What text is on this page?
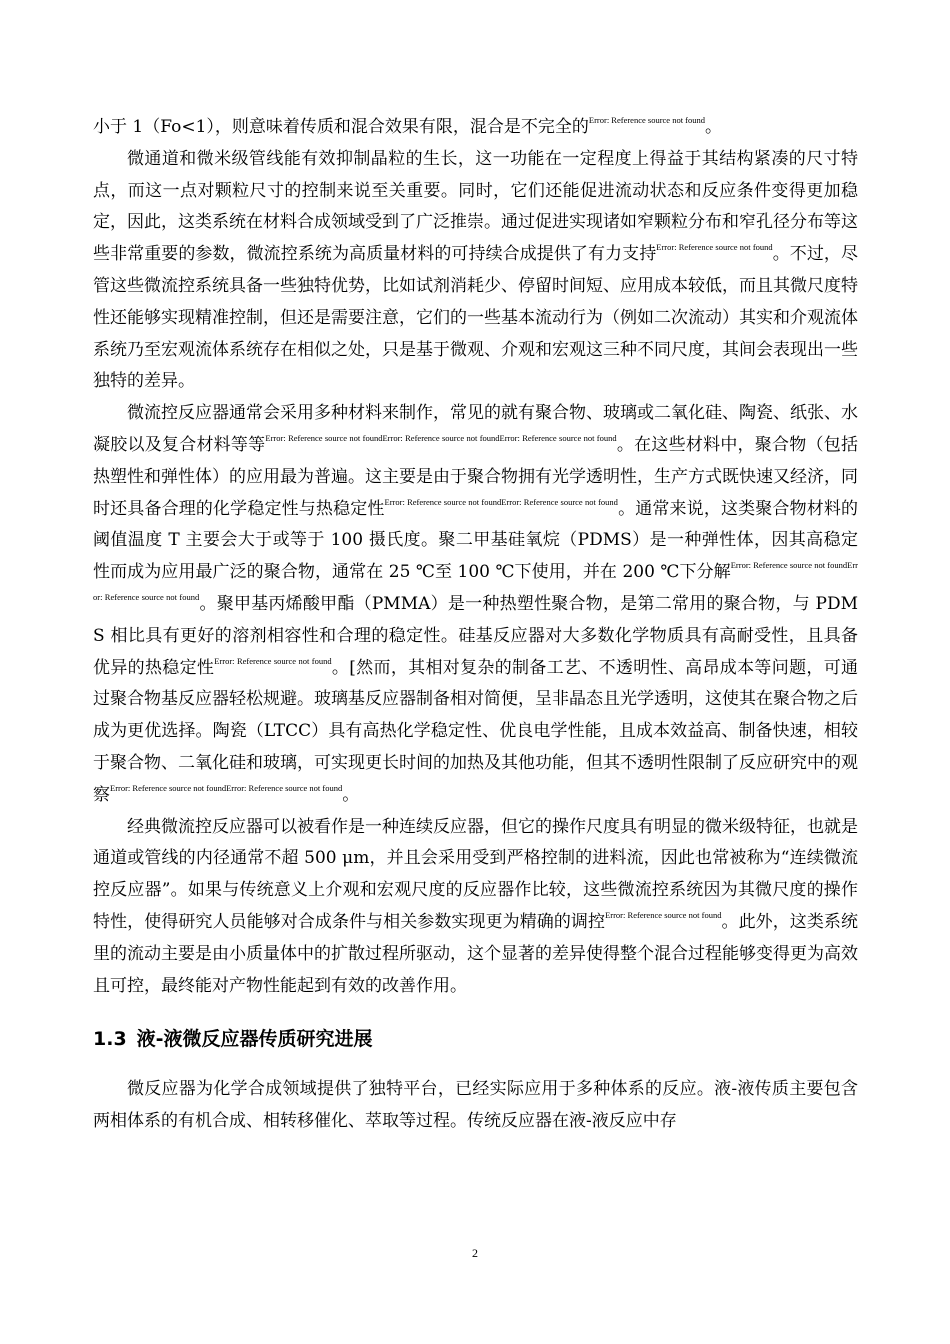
小于 1（Fo<1），则意味着传质和混合效果有限，混合是不完全的$^{Error: Reference source not found}$。

微通道和微米级管线能有效抑制晶粒的生长，这一功能在一定程度上得益于其结构紧凑的尺寸特点，而这一点对颗粒尺寸的控制来说至关重要。同时，它们还能促进流动状态和反应条件变得更加稳定，因此，这类系统在材料合成领域受到了广泛推崇。通过促进实现诸如窄颗粒分布和窄孔径分布等这些非常重要的参数，微流控系统为高质量材料的可持续合成提供了有力支持$^{Error: Reference source not found}$。不过，尽管这些微流控系统具备一些独特优势，比如试剂消耗少、停留时间短、应用成本较低，而且其微尺度特性还能够实现精准控制，但还是需要注意，它们的一些基本流动行为（例如二次流动）其实和介观流体系统乃至宏观流体系统存在相似之处，只是基于微观、介观和宏观这三种不同尺度，其间会表现出一些独特的差异。

微流控反应器通常会采用多种材料来制作，常见的就有聚合物、玻璃或二氧化硅、陶瓷、纸张、水凝胶以及复合材料等等$^{Error: Reference source not foundError: Reference source not foundError: Reference source not found}$。在这些材料中，聚合物（包括热塑性和弹性体）的应用最为普遍。这主要是由于聚合物拥有光学透明性，生产方式既快速又经济，同时还具备合理的化学稳定性与热稳定性$^{Error: Reference source not foundError: Reference source not found}$。通常来说，这类聚合物材料的阈值温度 T 主要会大于或等于 100 摄氏度。聚二甲基硅氧烷（PDMS）是一种弹性体，因其高稳定性而成为应用最广泛的聚合物，通常在 25 ℃至 100 ℃下使用，并在 200 ℃下分解$^{Error: Reference source not foundError: Reference source not found}$。聚甲基丙烯酸甲酯（PMMA）是一种热塑性聚合物，是第二常用的聚合物，与 PDMS 相比具有更好的溶剂相容性和合理的稳定性。硅基反应器对大多数化学物质具有高耐受性，且具备优异的热稳定性$^{Error: Reference source not found}$。[然而，其相对复杂的制备工艺、不透明性、高昂成本等问题，可通过聚合物基反应器轻松规避。玻璃基反应器制备相对简便，呈非晶态且光学透明，这使其在聚合物之后成为更优选择。陶瓷（LTCC）具有高热化学稳定性、优良电学性能，且成本效益高、制备快速，相较于聚合物、二氧化硅和玻璃，可实现更长时间的加热及其他功能，但其不透明性限制了反应研究中的观察$^{Error: Reference source not foundError: Reference source not found}$。

经典微流控反应器可以被看作是一种连续反应器，但它的操作尺度具有明显的微米级特征，也就是通道或管线的内径通常不超 500 μm，并且会采用受到严格控制的进料流，因此也常被称为“连续微流控反应器”。如果与传统意义上介观和宏观尺度的反应器作比较，这些微流控系统因为其微尺度的操作特性，使得研究人员能够对合成条件与相关参数实现更为精确的调控$^{Error: Reference source not found}$。此外，这类系统里的流动主要是由小质量体中的扩散过程所驱动，这个显著的差异使得整个混合过程能够变得更为高效且可控，最终能对产物性能起到有效的改善作用。

1.3 液-液微反应器传质研究进展

微反应器为化学合成领域提供了独特平台，已经实际应用于多种体系的反应。液-液传质主要包含两相体系的有机合成、相转移催化、萃取等过程。传统反应器在液-液反应中存

2
